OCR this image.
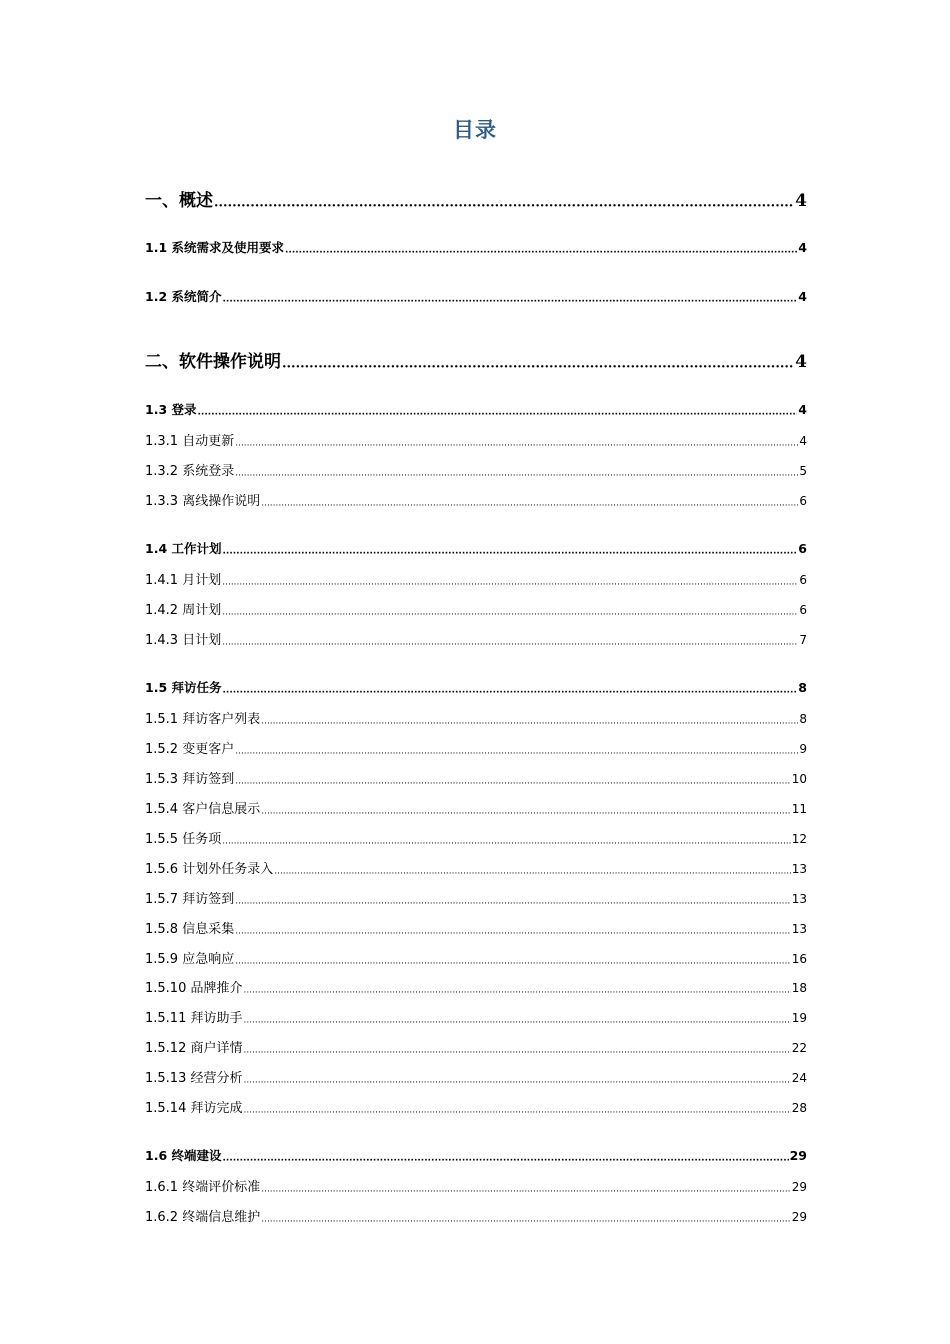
目录
一、概述 ·····	4
1.1 系统需求及使用要求 ·····	4
1.2 系统简介 ·····	4
二、软件操作说明 ·····	4
1.3 登录 ·····	4
1.3.1 自动更新 ·····	4
1.3.2 系统登录 ·····	5
1.3.3 离线操作说明 ·····	6
1.4 工作计划 ·····	6
1.4.1 月计划 ·····	6
1.4.2 周计划 ·····	6
1.4.3 日计划 ·····	7
1.5 拜访任务 ·····	8
1.5.1 拜访客户列表 ·····	8
1.5.2 变更客户 ·····	9
1.5.3 拜访签到 ·····	10
1.5.4 客户信息展示 ·····	11
1.5.5 任务项 ·····	12
1.5.6 计划外任务录入 ·····	13
1.5.7 拜访签到 ·····	13
1.5.8 信息采集 ·····	13
1.5.9 应急响应 ·····	16
1.5.10 品牌推介 ·····	18
1.5.11 拜访助手 ·····	19
1.5.12 商户详情 ·····	22
1.5.13 经营分析 ·····	24
1.5.14 拜访完成 ·····	28
1.6 终端建设 ·····	29
1.6.1 终端评价标准 ·····	29
1.6.2 终端信息维护 ·····	29
